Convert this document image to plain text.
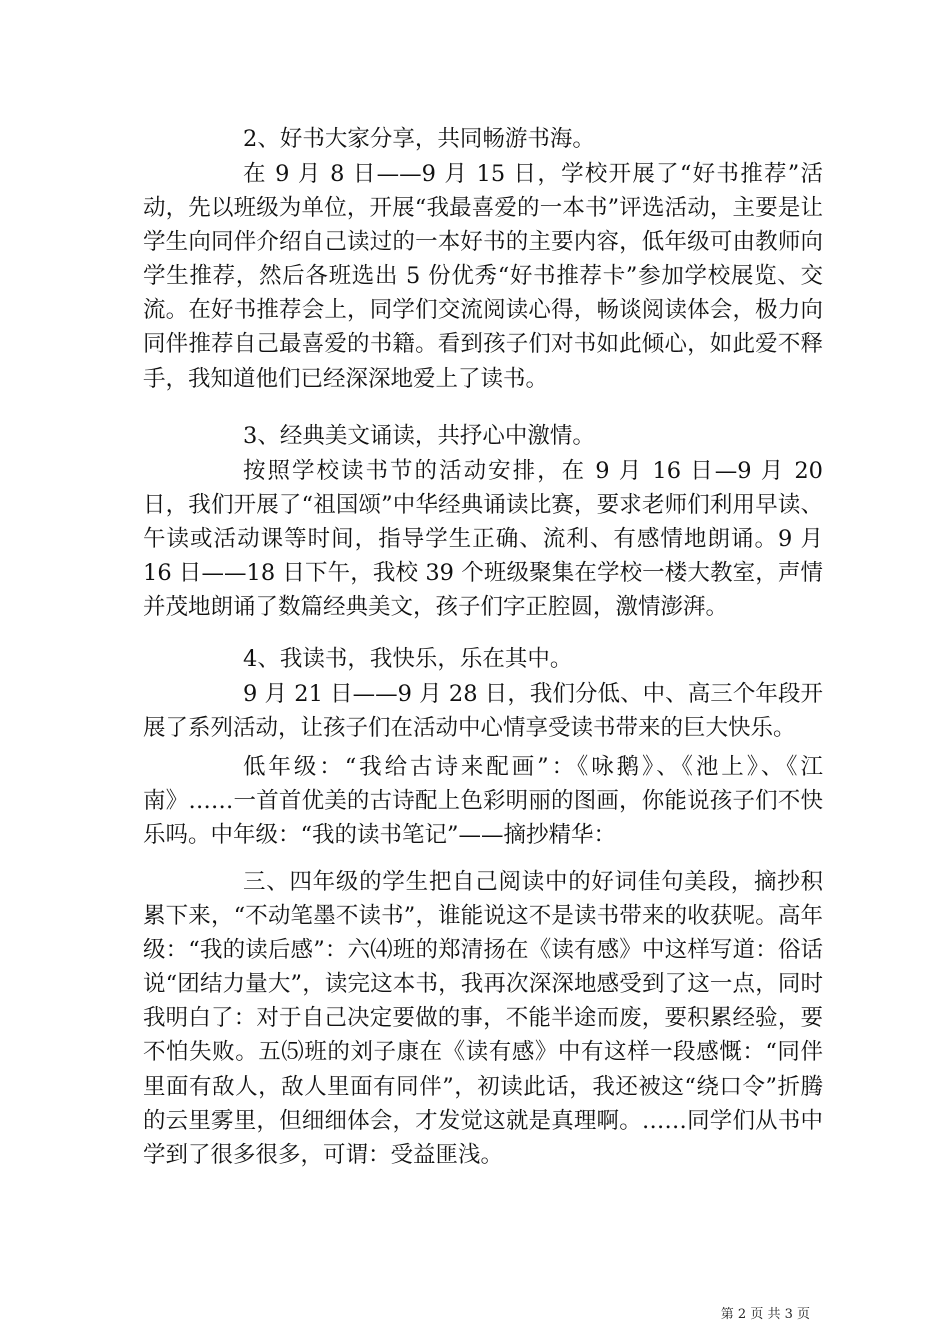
2、好书大家分享，共同畅游书海。

在 9 月 8 日——9 月 15 日，学校开展了“好书推荐”活动，先以班级为单位，开展“我最喜爱的一本书”评选活动，主要是让学生向同伴介绍自己读过的一本好书的主要内容，低年级可由教师向学生推荐，然后各班选出 5 份优秀“好书推荐卡”参加学校展览、交流。在好书推荐会上，同学们交流阅读心得，畅谈阅读体会，极力向同伴推荐自己最喜爱的书籍。看到孩子们对书如此倾心，如此爱不释手，我知道他们已经深深地爱上了读书。

3、经典美文诵读，共抒心中激情。

按照学校读书节的活动安排，在 9 月 16 日—9 月 20 日，我们开展了“祖国颂”中华经典诵读比赛，要求老师们利用早读、午读或活动课等时间，指导学生正确、流利、有感情地朗诵。9 月 16 日——18 日下午，我校 39 个班级聚集在学校一楼大教室，声情并茂地朗诵了数篇经典美文，孩子们字正腔圆，激情澎湃。

4、我读书，我快乐，乐在其中。

9 月 21 日——9 月 28 日，我们分低、中、高三个年段开展了系列活动，让孩子们在活动中心情享受读书带来的巨大快乐。

低年级：“我给古诗来配画”：《咏鹅》、《池上》、《江南》……一首首优美的古诗配上色彩明丽的图画，你能说孩子们不快乐吗。中年级：“我的读书笔记”——摘抄精华：

三、四年级的学生把自己阅读中的好词佳句美段，摘抄积累下来，“不动笔墨不读书”，谁能说这不是读书带来的收获呢。高年级：“我的读后感”：六⑷班的郑清扬在《读有感》中这样写道：俗话说“团结力量大”，读完这本书，我再次深深地感受到了这一点，同时我明白了：对于自己决定要做的事，不能半途而废，要积累经验，要不怕失败。五⑸班的刘子康在《读有感》中有这样一段感慨：“同伴里面有敌人，敌人里面有同伴”，初读此话，我还被这“绕口令”折腾的云里雾里，但细细体会，才发觉这就是真理啊。……同学们从书中学到了很多很多，可谓：受益匪浅。

第 2 页 共 3 页
